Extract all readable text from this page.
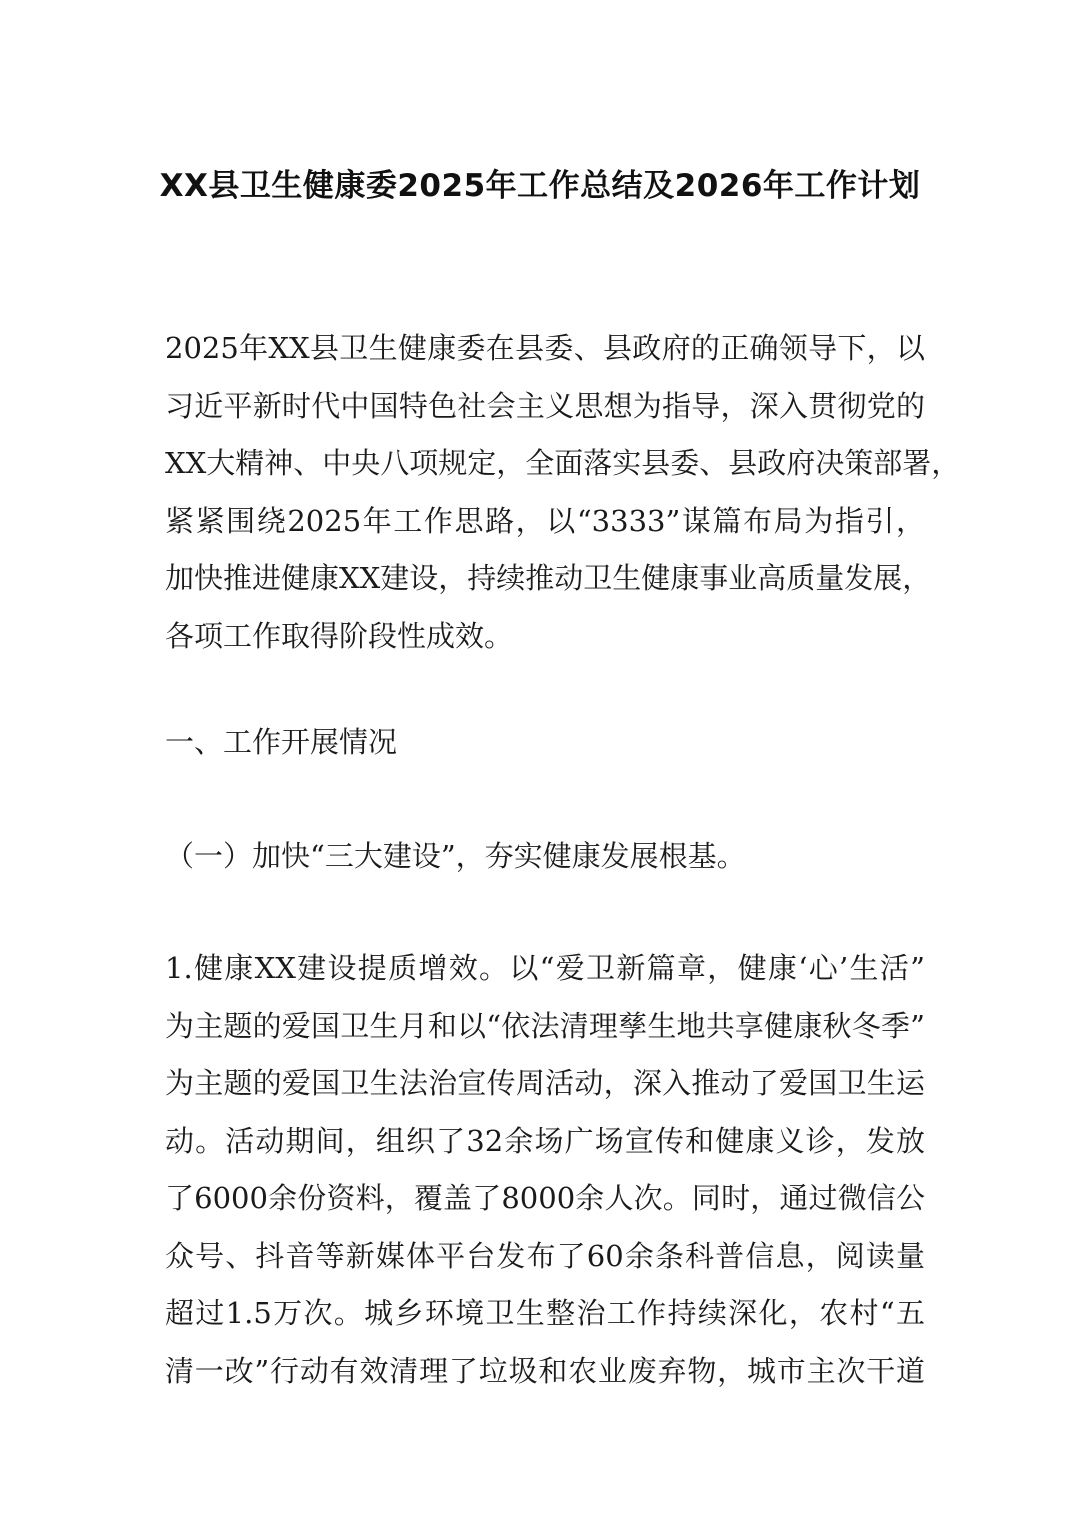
XX县卫生健康委2025年工作总结及2026年工作计划
2025年XX县卫生健康委在县委、县政府的正确领导下，以
习近平新时代中国特色社会主义思想为指导，深入贯彻党的
XX大精神、中央八项规定，全面落实县委、县政府决策部署，
紧紧围绕2025年工作思路，以“3333”谋篇布局为指引，
加快推进健康XX建设，持续推动卫生健康事业高质量发展，
各项工作取得阶段性成效。
一、工作开展情况
（一）加快“三大建设”，夯实健康发展根基。
1.健康XX建设提质增效。以“爱卫新篇章，健康‘心’生活”
为主题的爱国卫生月和以“依法清理孳生地共享健康秋冬季”
为主题的爱国卫生法治宣传周活动，深入推动了爱国卫生运
动。活动期间，组织了32余场广场宣传和健康义诊，发放
了6000余份资料，覆盖了8000余人次。同时，通过微信公
众号、抖音等新媒体平台发布了60余条科普信息，阅读量
超过1.5万次。城乡环境卫生整治工作持续深化，农村“五
清一改”行动有效清理了垃圾和农业废弃物，城市主次干道
